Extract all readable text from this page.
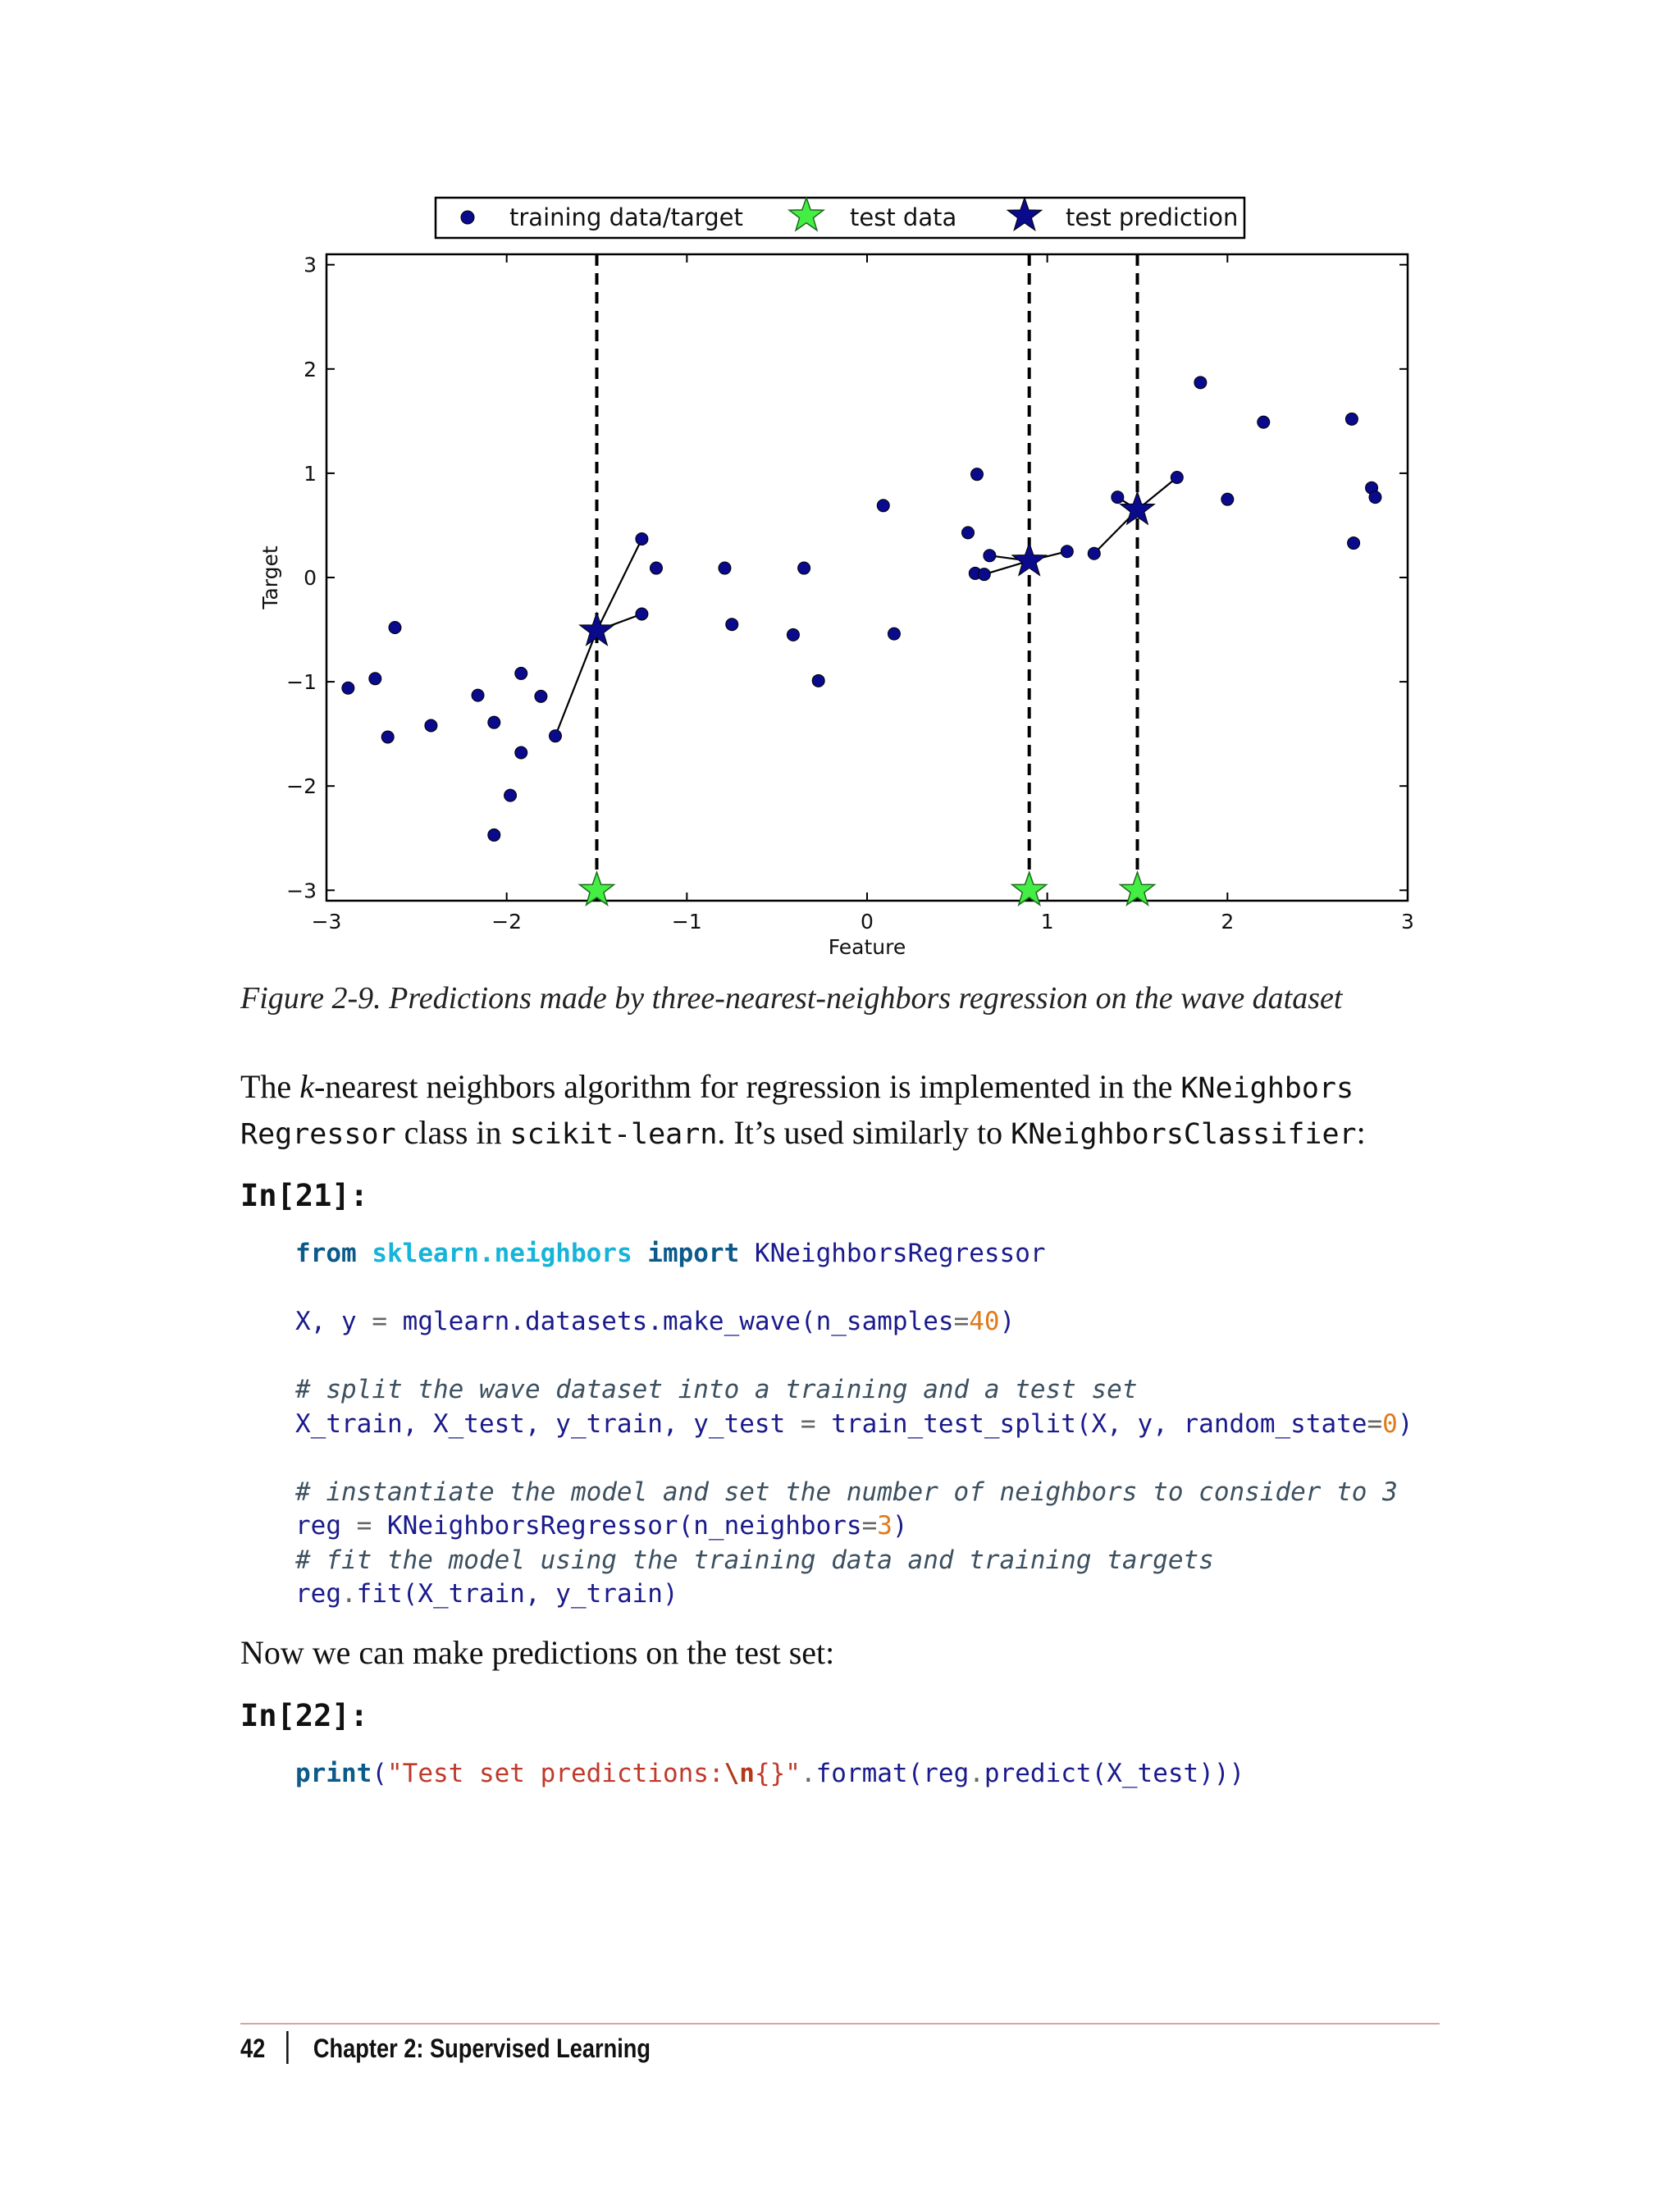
−3	−2	−1	0	1	2	3
−3
−2
−1
0
1
2
3
Feature
Target
training data/target	test data	test prediction
Figure 2-9. Predictions made by three-nearest-neighbors regression on the wave dataset
The k-nearest neighbors algorithm for regression is implemented in the KNeighbors
Regressor class in scikit-learn. It’s used similarly to KNeighborsClassifier:
In[21]:
from sklearn.neighbors import KNeighborsRegressor

X, y = mglearn.datasets.make_wave(n_samples=40)

# split the wave dataset into a training and a test set
X_train, X_test, y_train, y_test = train_test_split(X, y, random_state=0)

# instantiate the model and set the number of neighbors to consider to 3
reg = KNeighborsRegressor(n_neighbors=3)
# fit the model using the training data and training targets
reg.fit(X_train, y_train)
Now we can make predictions on the test set:
In[22]:
print("Test set predictions:\n{}".format(reg.predict(X_test)))
42 Chapter 2: Supervised Learning
